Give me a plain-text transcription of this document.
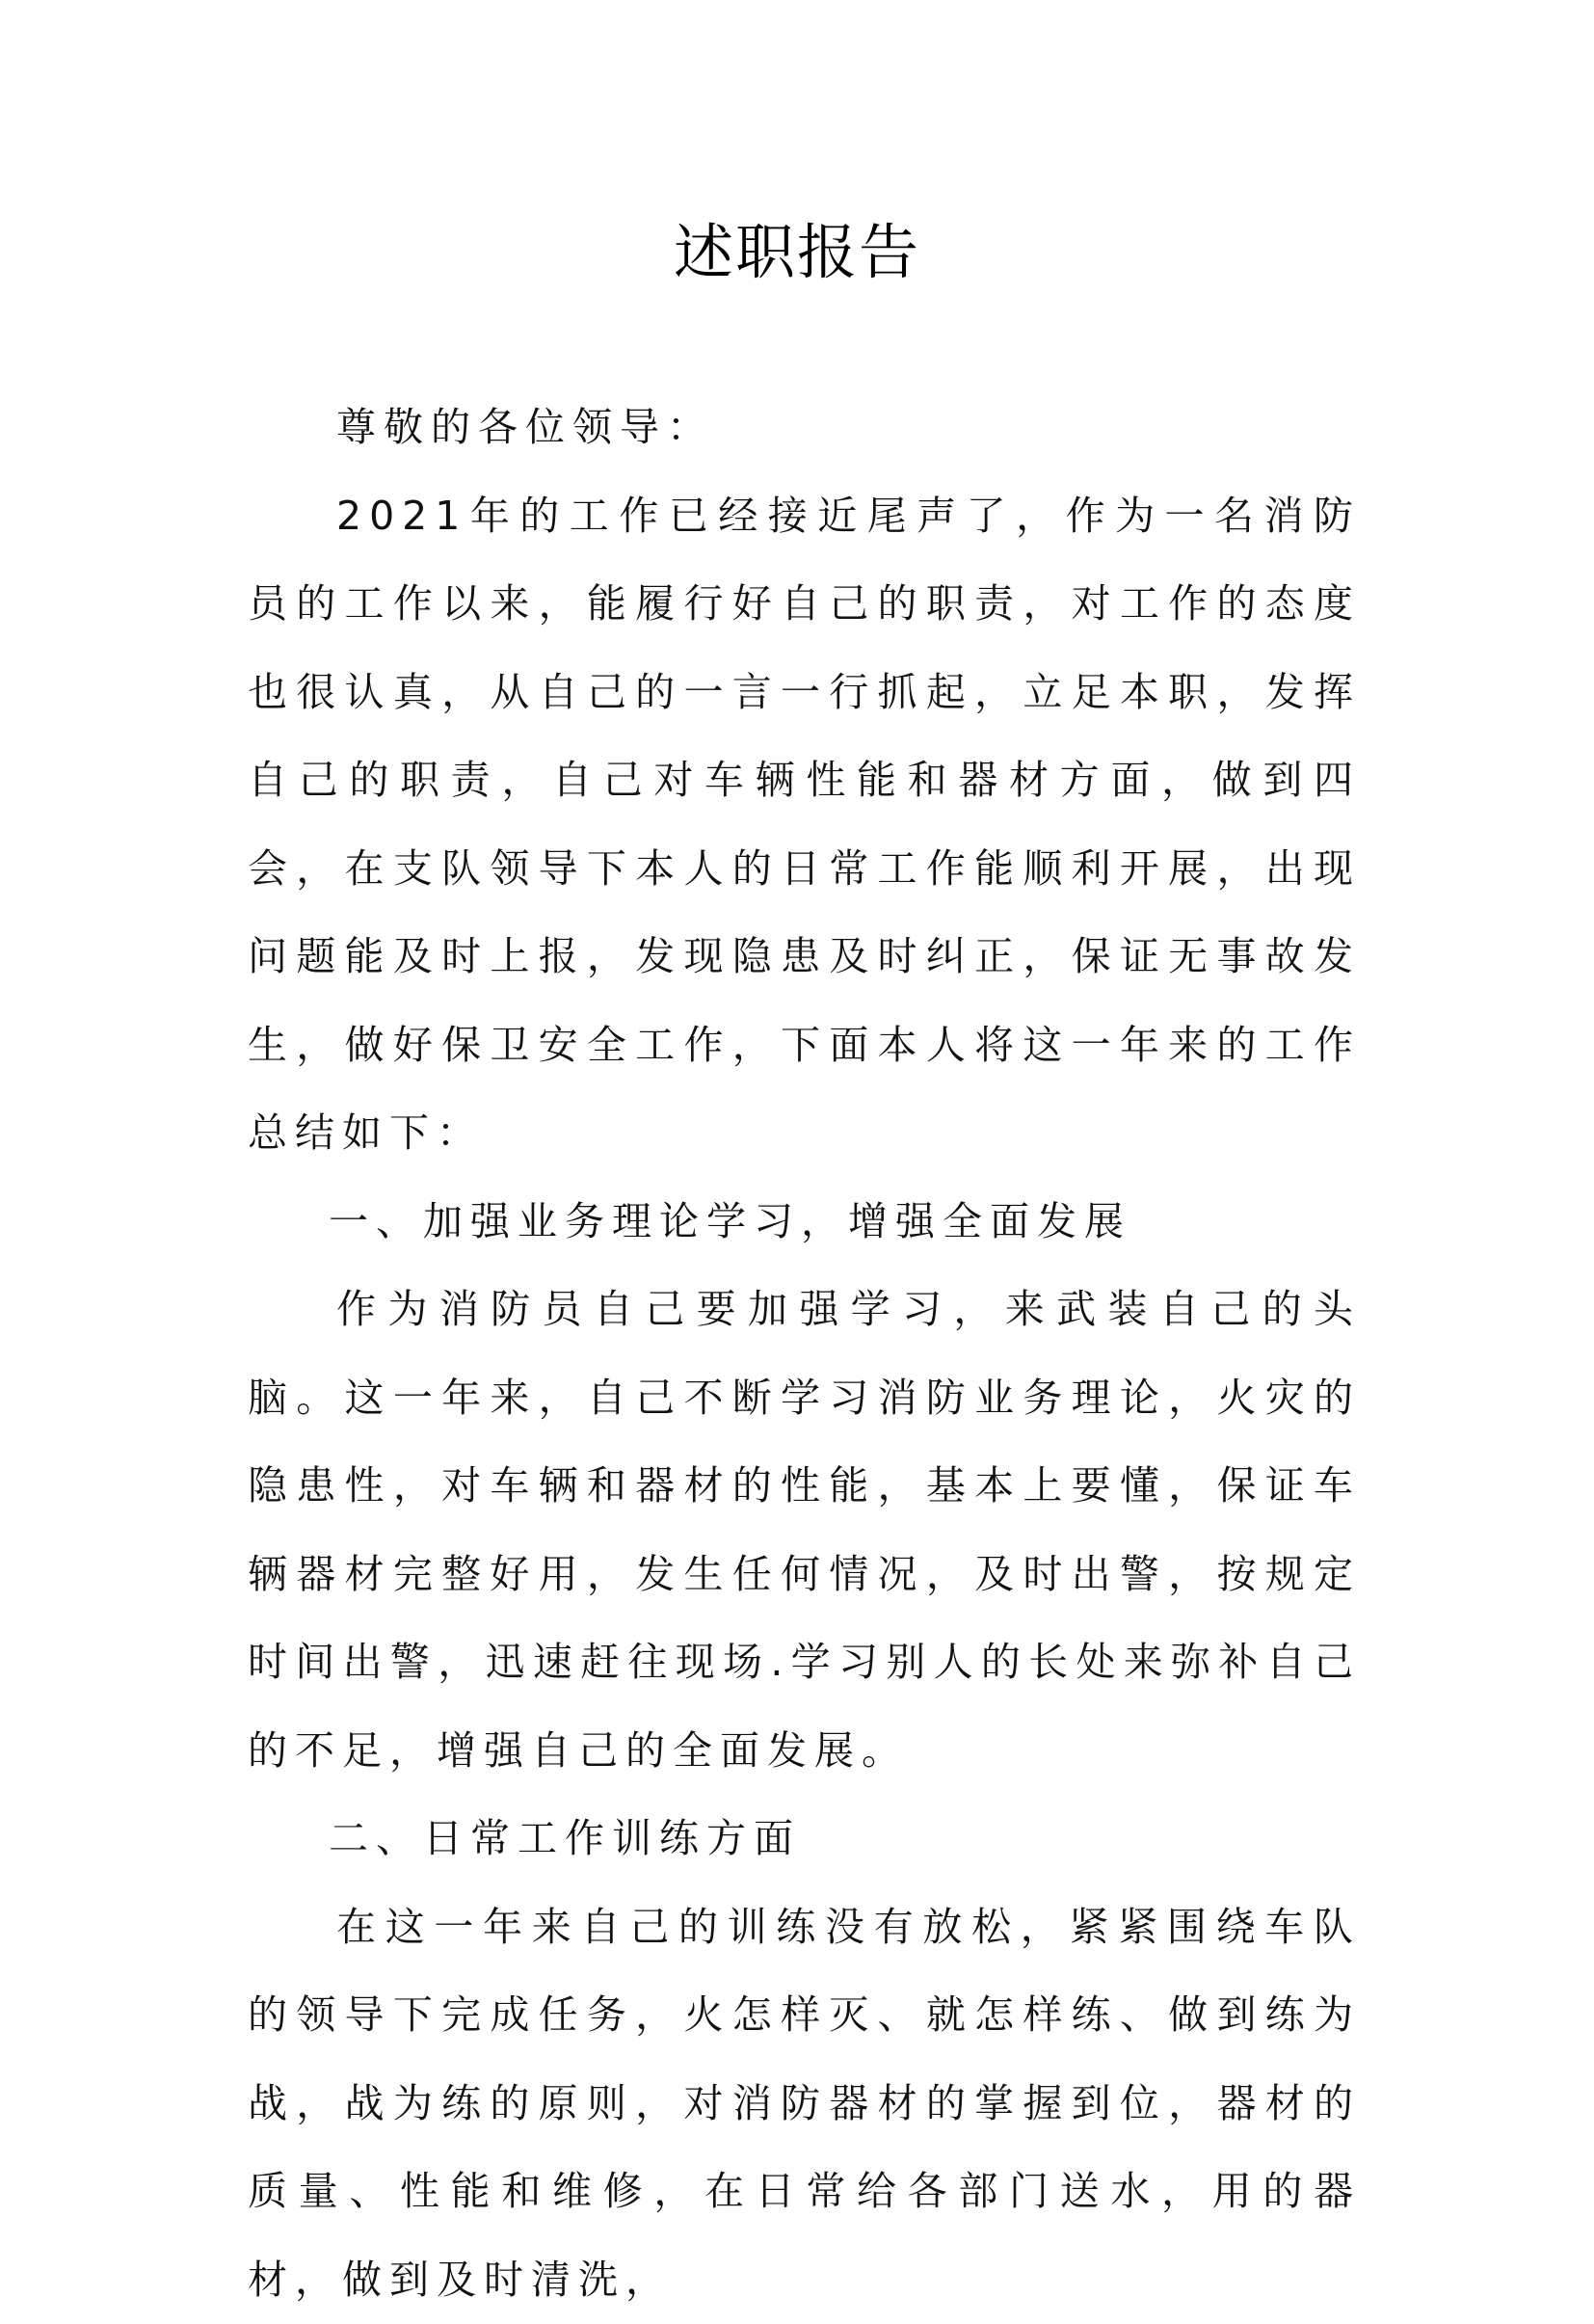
述职报告

尊敬的各位领导：

2021年的工作已经接近尾声了，作为一名消防员的工作以来，能履行好自己的职责，对工作的态度也很认真，从自己的一言一行抓起，立足本职，发挥自己的职责，自己对车辆性能和器材方面，做到四会，在支队领导下本人的日常工作能顺利开展，出现问题能及时上报，发现隐患及时纠正，保证无事故发生，做好保卫安全工作，下面本人将这一年来的工作总结如下：

一、加强业务理论学习，增强全面发展

作为消防员自己要加强学习，来武装自己的头脑。这一年来，自己不断学习消防业务理论，火灾的隐患性，对车辆和器材的性能，基本上要懂，保证车辆器材完整好用，发生任何情况，及时出警，按规定时间出警，迅速赶往现场.学习别人的长处来弥补自己的不足，增强自己的全面发展。

二、日常工作训练方面

在这一年来自己的训练没有放松，紧紧围绕车队的领导下完成任务，火怎样灭、就怎样练、做到练为战，战为练的原则，对消防器材的掌握到位，器材的质量、性能和维修，在日常给各部门送水，用的器材，做到及时清洗，
